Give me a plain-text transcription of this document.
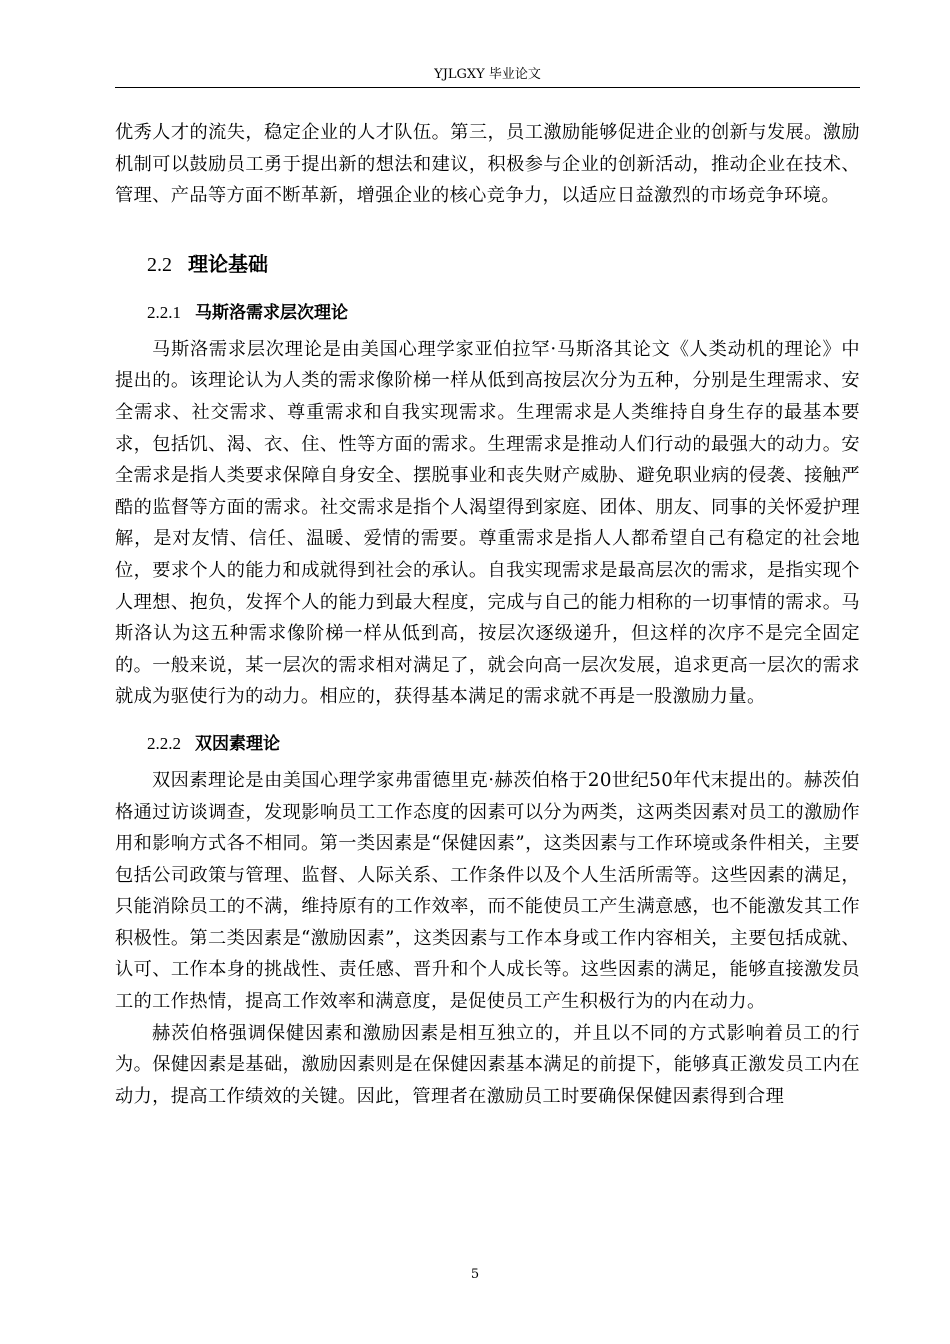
YJLGXY 毕业论文

优秀人才的流失，稳定企业的人才队伍。第三，员工激励能够促进企业的创新与发展。激励机制可以鼓励员工勇于提出新的想法和建议，积极参与企业的创新活动，推动企业在技术、管理、产品等方面不断革新，增强企业的核心竞争力，以适应日益激烈的市场竞争环境。

2.2 理论基础
2.2.1 马斯洛需求层次理论

马斯洛需求层次理论是由美国心理学家亚伯拉罕·马斯洛其论文《人类动机的理论》中提出的。该理论认为人类的需求像阶梯一样从低到高按层次分为五种，分别是生理需求、安全需求、社交需求、尊重需求和自我实现需求。生理需求是人类维持自身生存的最基本要求，包括饥、渴、衣、住、性等方面的需求。生理需求是推动人们行动的最强大的动力。安全需求是指人类要求保障自身安全、摆脱事业和丧失财产威胁、避免职业病的侵袭、接触严酷的监督等方面的需求。社交需求是指个人渴望得到家庭、团体、朋友、同事的关怀爱护理解，是对友情、信任、温暖、爱情的需要。尊重需求是指人人都希望自己有稳定的社会地位，要求个人的能力和成就得到社会的承认。自我实现需求是最高层次的需求，是指实现个人理想、抱负，发挥个人的能力到最大程度，完成与自己的能力相称的一切事情的需求。马斯洛认为这五种需求像阶梯一样从低到高，按层次逐级递升，但这样的次序不是完全固定的。一般来说，某一层次的需求相对满足了，就会向高一层次发展，追求更高一层次的需求就成为驱使行为的动力。相应的，获得基本满足的需求就不再是一股激励力量。

2.2.2 双因素理论

双因素理论是由美国心理学家弗雷德里克·赫茨伯格于20世纪50年代末提出的。赫茨伯格通过访谈调查，发现影响员工工作态度的因素可以分为两类，这两类因素对员工的激励作用和影响方式各不相同。第一类因素是“保健因素”，这类因素与工作环境或条件相关，主要包括公司政策与管理、监督、人际关系、工作条件以及个人生活所需等。这些因素的满足，只能消除员工的不满，维持原有的工作效率，而不能使员工产生满意感，也不能激发其工作积极性。第二类因素是“激励因素”，这类因素与工作本身或工作内容相关，主要包括成就、认可、工作本身的挑战性、责任感、晋升和个人成长等。这些因素的满足，能够直接激发员工的工作热情，提高工作效率和满意度，是促使员工产生积极行为的内在动力。

赫茨伯格强调保健因素和激励因素是相互独立的，并且以不同的方式影响着员工的行为。保健因素是基础，激励因素则是在保健因素基本满足的前提下，能够真正激发员工内在动力，提高工作绩效的关键。因此，管理者在激励员工时要确保保健因素得到合理

5
